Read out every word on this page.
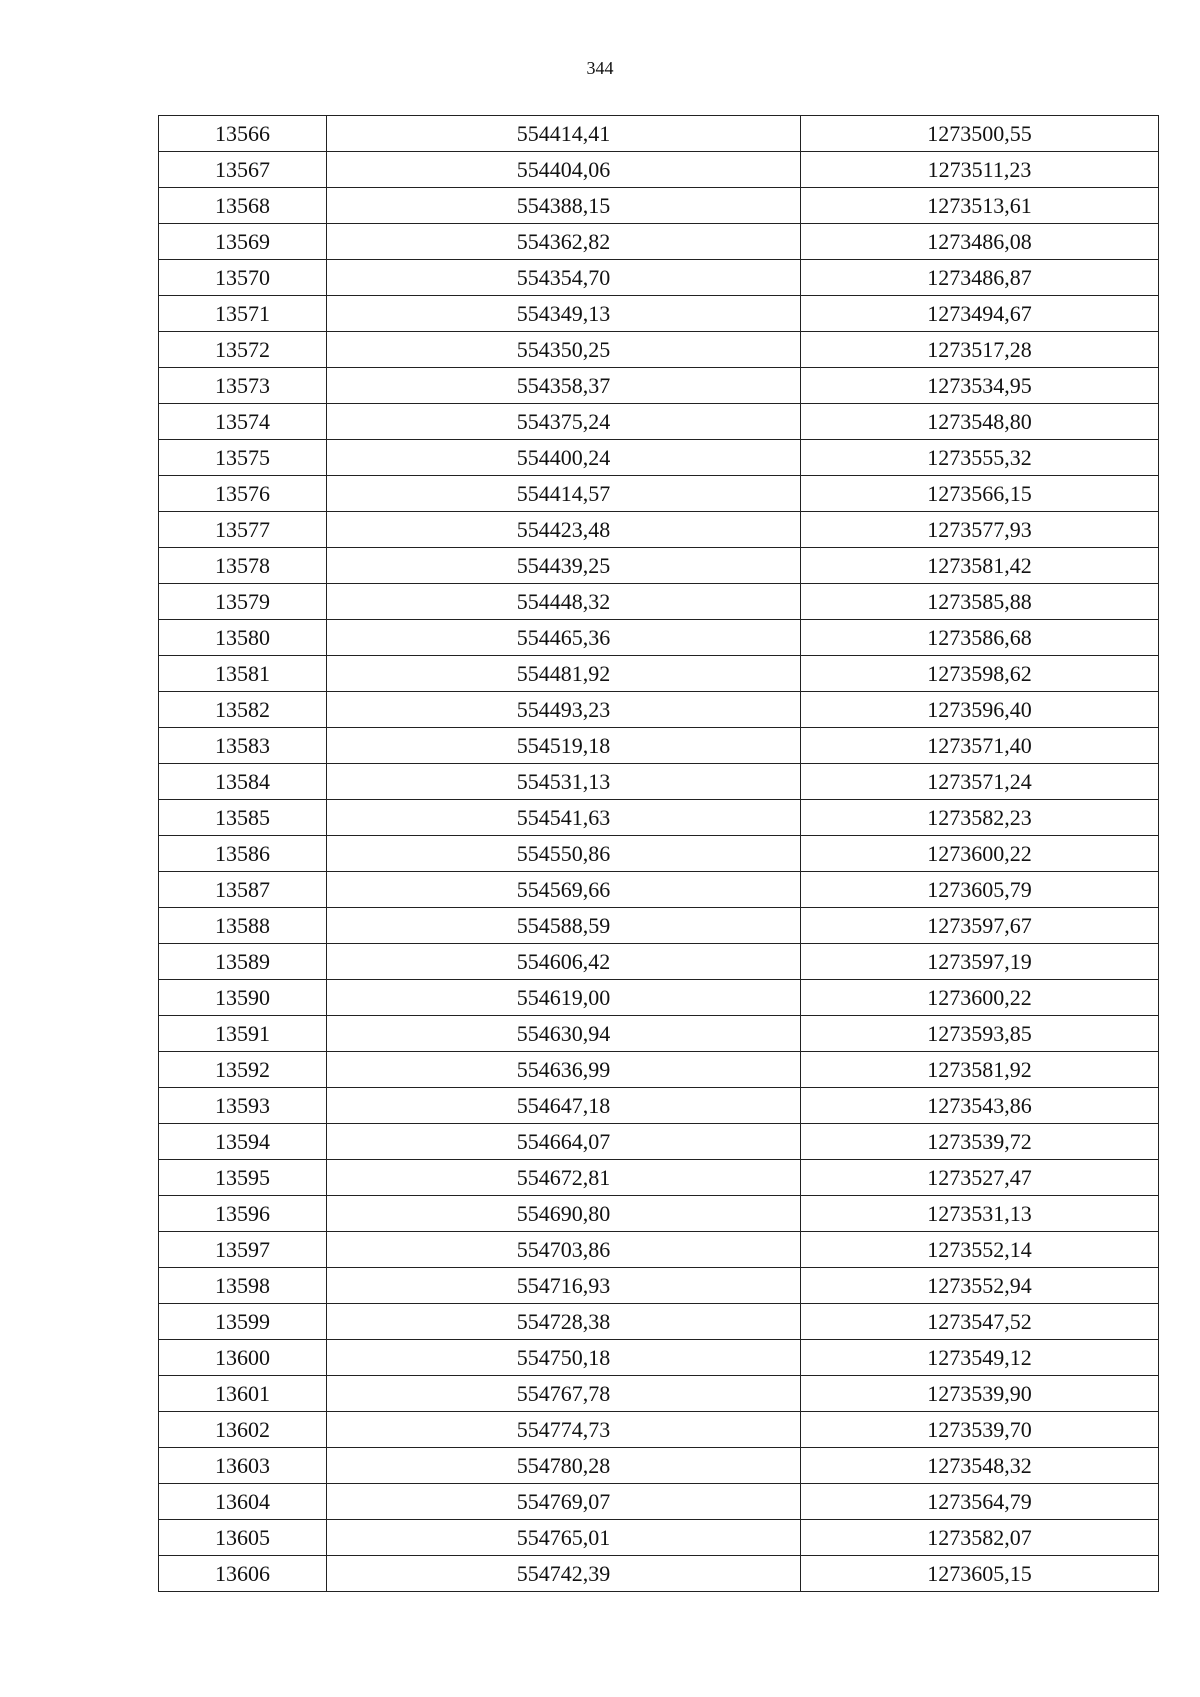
344
13566	554414,41	1273500,55
13567	554404,06	1273511,23
13568	554388,15	1273513,61
13569	554362,82	1273486,08
13570	554354,70	1273486,87
13571	554349,13	1273494,67
13572	554350,25	1273517,28
13573	554358,37	1273534,95
13574	554375,24	1273548,80
13575	554400,24	1273555,32
13576	554414,57	1273566,15
13577	554423,48	1273577,93
13578	554439,25	1273581,42
13579	554448,32	1273585,88
13580	554465,36	1273586,68
13581	554481,92	1273598,62
13582	554493,23	1273596,40
13583	554519,18	1273571,40
13584	554531,13	1273571,24
13585	554541,63	1273582,23
13586	554550,86	1273600,22
13587	554569,66	1273605,79
13588	554588,59	1273597,67
13589	554606,42	1273597,19
13590	554619,00	1273600,22
13591	554630,94	1273593,85
13592	554636,99	1273581,92
13593	554647,18	1273543,86
13594	554664,07	1273539,72
13595	554672,81	1273527,47
13596	554690,80	1273531,13
13597	554703,86	1273552,14
13598	554716,93	1273552,94
13599	554728,38	1273547,52
13600	554750,18	1273549,12
13601	554767,78	1273539,90
13602	554774,73	1273539,70
13603	554780,28	1273548,32
13604	554769,07	1273564,79
13605	554765,01	1273582,07
13606	554742,39	1273605,15
